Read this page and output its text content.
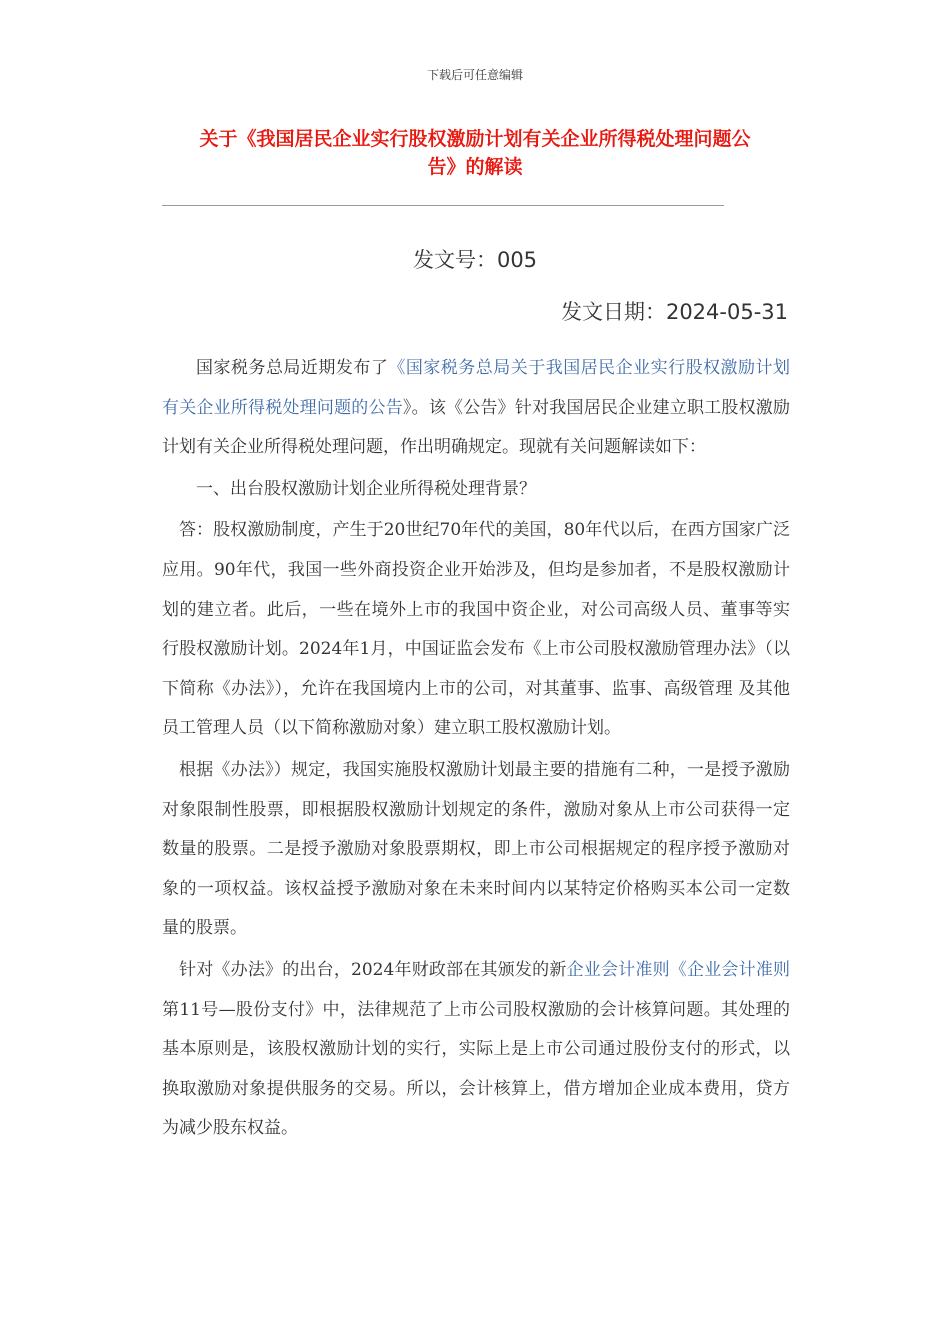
下载后可任意编辑
关于《我国居民企业实行股权激励计划有关企业所得税处理问题公
告》的解读
发文号：005
发文日期：2024-05-31

国家税务总局近期发布了《国家税务总局关于我国居民企业实行股权激励计划有关企业所得税处理问题的公告》。该《公告》针对我国居民企业建立职工股权激励计划有关企业所得税处理问题，作出明确规定。现就有关问题解读如下：

一、出台股权激励计划企业所得税处理背景？

答：股权激励制度，产生于20世纪70年代的美国，80年代以后，在西方国家广泛应用。90年代，我国一些外商投资企业开始涉及，但均是参加者，不是股权激励计划的建立者。此后，一些在境外上市的我国中资企业，对公司高级人员、董事等实行股权激励计划。2024年1月，中国证监会发布《上市公司股权激励管理办法》（以下简称《办法》），允许在我国境内上市的公司，对其董事、监事、高级管理 及其他员工管理人员（以下简称激励对象）建立职工股权激励计划。

根据《办法》）规定，我国实施股权激励计划最主要的措施有二种，一是授予激励对象限制性股票，即根据股权激励计划规定的条件，激励对象从上市公司获得一定数量的股票。二是授予激励对象股票期权，即上市公司根据规定的程序授予激励对象的一项权益。该权益授予激励对象在未来时间内以某特定价格购买本公司一定数量的股票。

针对《办法》的出台，2024年财政部在其颁发的新企业会计准则《企业会计准则第11号—股份支付》中，法律规范了上市公司股权激励的会计核算问题。其处理的基本原则是，该股权激励计划的实行，实际上是上市公司通过股份支付的形式，以换取激励对象提供服务的交易。所以，会计核算上，借方增加企业成本费用，贷方为减少股东权益。
